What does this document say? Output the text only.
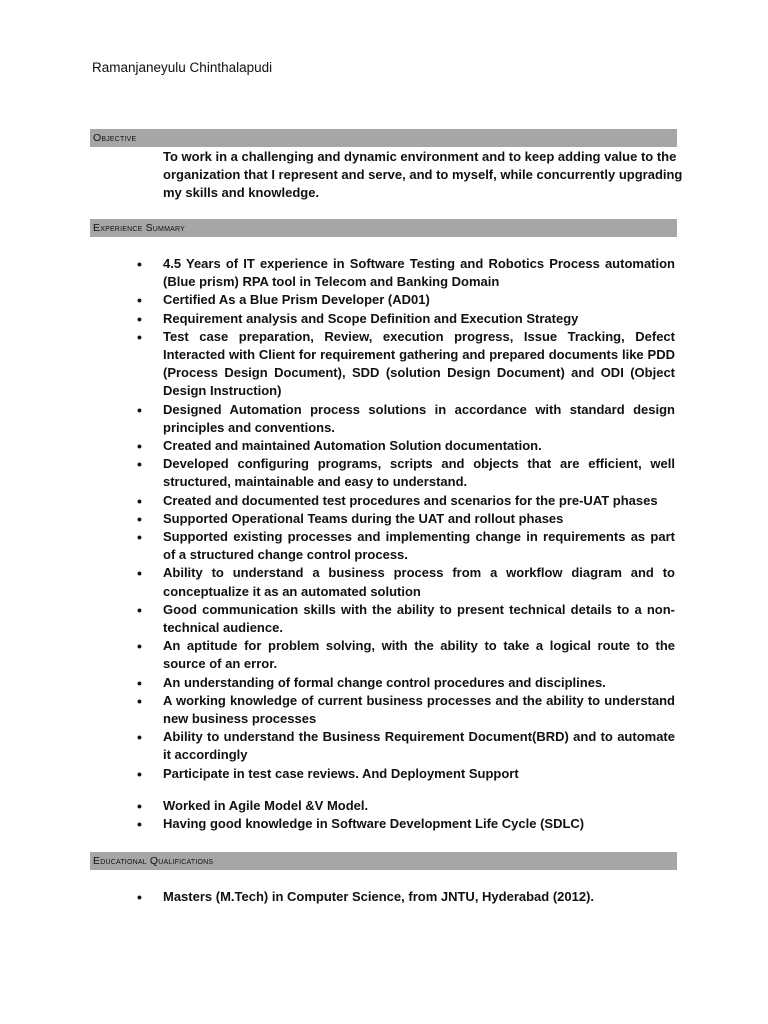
Ramanjaneyulu Chinthalapudi
Objective

To work in a challenging and dynamic environment and to keep adding value to the organization that I represent and serve, and to myself, while concurrently upgrading my skills and knowledge.

Experience Summary
• 4.5 Years of IT experience in Software Testing and Robotics Process automation (Blue prism) RPA tool in Telecom and Banking Domain
• Certified As a Blue Prism Developer (AD01)
• Requirement analysis and Scope Definition and Execution Strategy
• Test case preparation, Review, execution progress, Issue Tracking, Defect Interacted with Client for requirement gathering and prepared documents like PDD (Process Design Document), SDD (solution Design Document) and ODI (Object Design Instruction)
• Designed Automation process solutions in accordance with standard design principles and conventions.
• Created and maintained Automation Solution documentation.
• Developed configuring programs, scripts and objects that are efficient, well structured, maintainable and easy to understand.
• Created and documented test procedures and scenarios for the pre-UAT phases
• Supported Operational Teams during the UAT and rollout phases
• Supported existing processes and implementing change in requirements as part of a structured change control process.
• Ability to understand a business process from a workflow diagram and to conceptualize it as an automated solution
• Good communication skills with the ability to present technical details to a non-technical audience.
• An aptitude for problem solving, with the ability to take a logical route to the source of an error.
• An understanding of formal change control procedures and disciplines.
• A working knowledge of current business processes and the ability to understand new business processes
• Ability to understand the Business Requirement Document(BRD) and to automate it accordingly
• Participate in test case reviews. And Deployment Support
• Worked in Agile Model &V Model.
• Having good knowledge in Software Development Life Cycle (SDLC)
Educational Qualifications
• Masters (M.Tech) in Computer Science, from JNTU, Hyderabad (2012).
